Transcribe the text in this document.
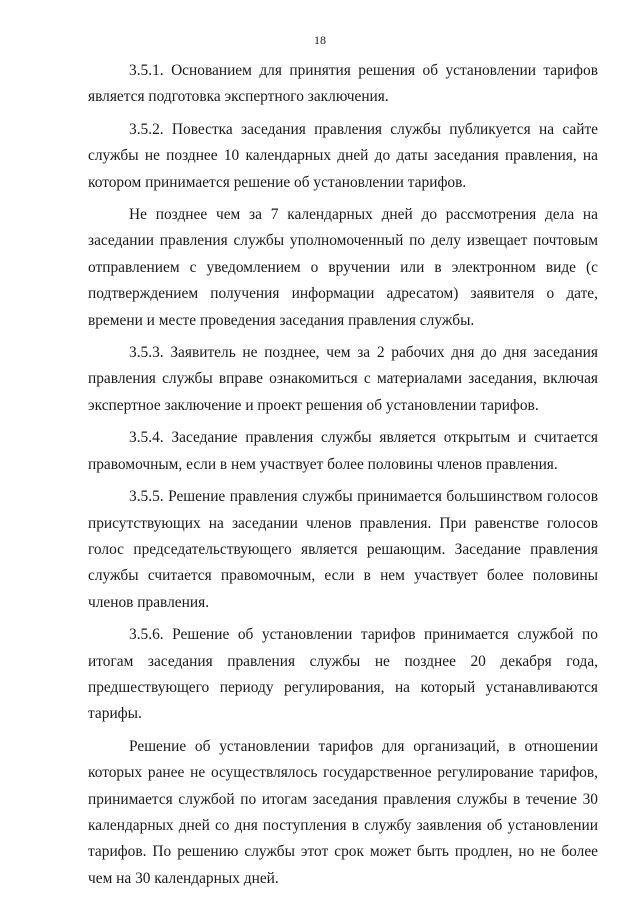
18

3.5.1. Основанием для принятия решения об установлении тарифов является подготовка экспертного заключения.

3.5.2. Повестка заседания правления службы публикуется на сайте службы не позднее 10 календарных дней до даты заседания правления, на котором принимается решение об установлении тарифов.

Не позднее чем за 7 календарных дней до рассмотрения дела на заседании правления службы уполномоченный по делу извещает почтовым отправлением с уведомлением о вручении или в электронном виде (с подтверждением получения информации адресатом) заявителя о дате, времени и месте проведения заседания правления службы.

3.5.3. Заявитель не позднее, чем за 2 рабочих дня до дня заседания правления службы вправе ознакомиться с материалами заседания, включая экспертное заключение и проект решения об установлении тарифов.

3.5.4. Заседание правления службы является открытым и считается правомочным, если в нем участвует более половины членов правления.

3.5.5. Решение правления службы принимается большинством голосов присутствующих на заседании членов правления. При равенстве голосов голос председательствующего является решающим. Заседание правления службы считается правомочным, если в нем участвует более половины членов правления.

3.5.6. Решение об установлении тарифов принимается службой по итогам заседания правления службы не позднее 20 декабря года, предшествующего периоду регулирования, на который устанавливаются тарифы.

Решение об установлении тарифов для организаций, в отношении которых ранее не осуществлялось государственное регулирование тарифов, принимается службой по итогам заседания правления службы в течение 30 календарных дней со дня поступления в службу заявления об установлении тарифов. По решению службы этот срок может быть продлен, но не более чем на 30 календарных дней.
